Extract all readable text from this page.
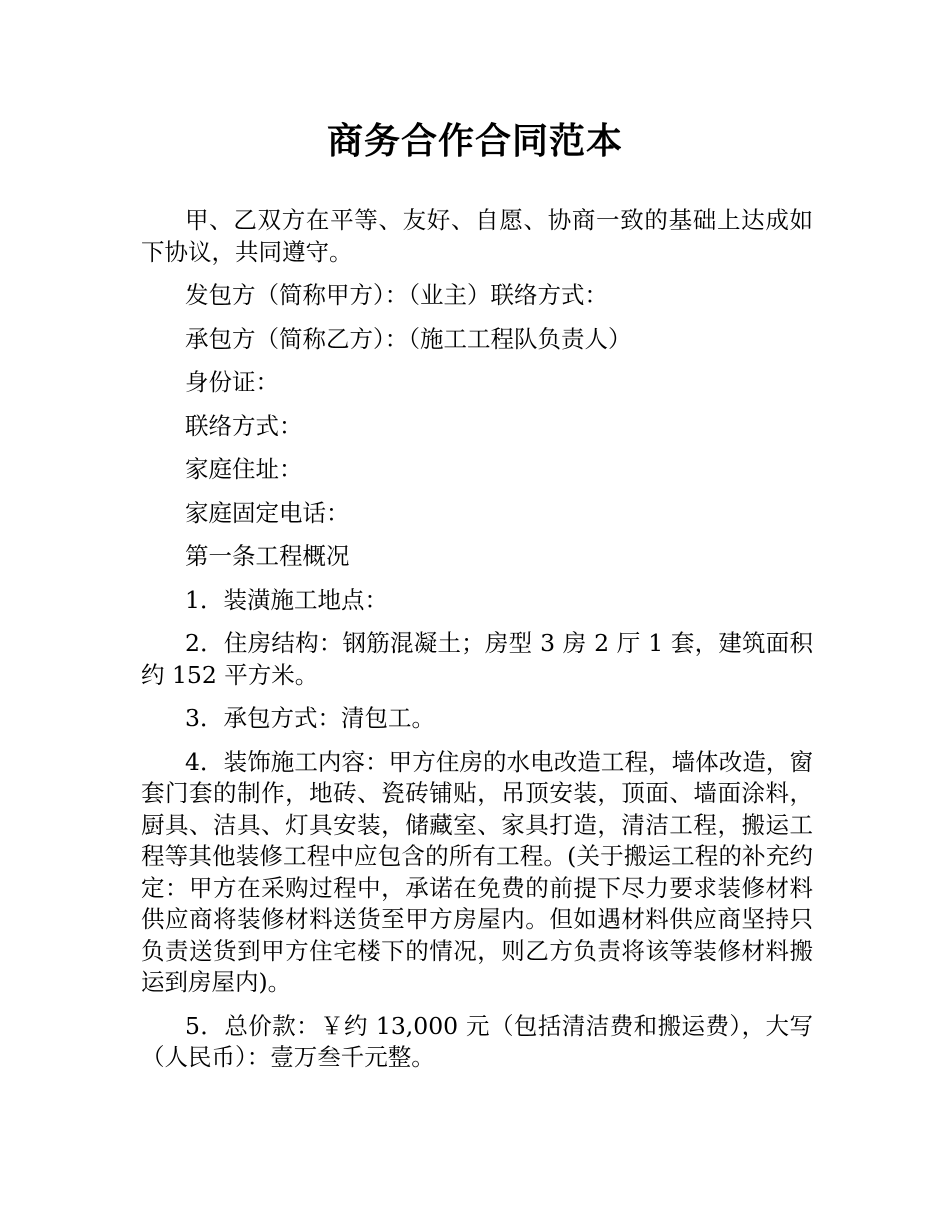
商务合作合同范本

甲、乙双方在平等、友好、自愿、协商一致的基础上达成如下协议，共同遵守。

发包方（简称甲方）：（业主）联络方式：

承包方（简称乙方）：（施工工程队负责人）

身份证：

联络方式：

家庭住址：

家庭固定电话：

第一条工程概况

1．装潢施工地点：

2．住房结构：钢筋混凝土；房型 3 房 2 厅 1 套，建筑面积约 152 平方米。

3．承包方式：清包工。

4．装饰施工内容：甲方住房的水电改造工程，墙体改造，窗套门套的制作，地砖、瓷砖铺贴，吊顶安装，顶面、墙面涂料，厨具、洁具、灯具安装，储藏室、家具打造，清洁工程，搬运工程等其他装修工程中应包含的所有工程。(关于搬运工程的补充约定：甲方在采购过程中，承诺在免费的前提下尽力要求装修材料供应商将装修材料送货至甲方房屋内。但如遇材料供应商坚持只负责送货到甲方住宅楼下的情况，则乙方负责将该等装修材料搬运到房屋内)。

5．总价款：￥约 13,000 元（包括清洁费和搬运费），大写（人民币）：壹万叁千元整。
